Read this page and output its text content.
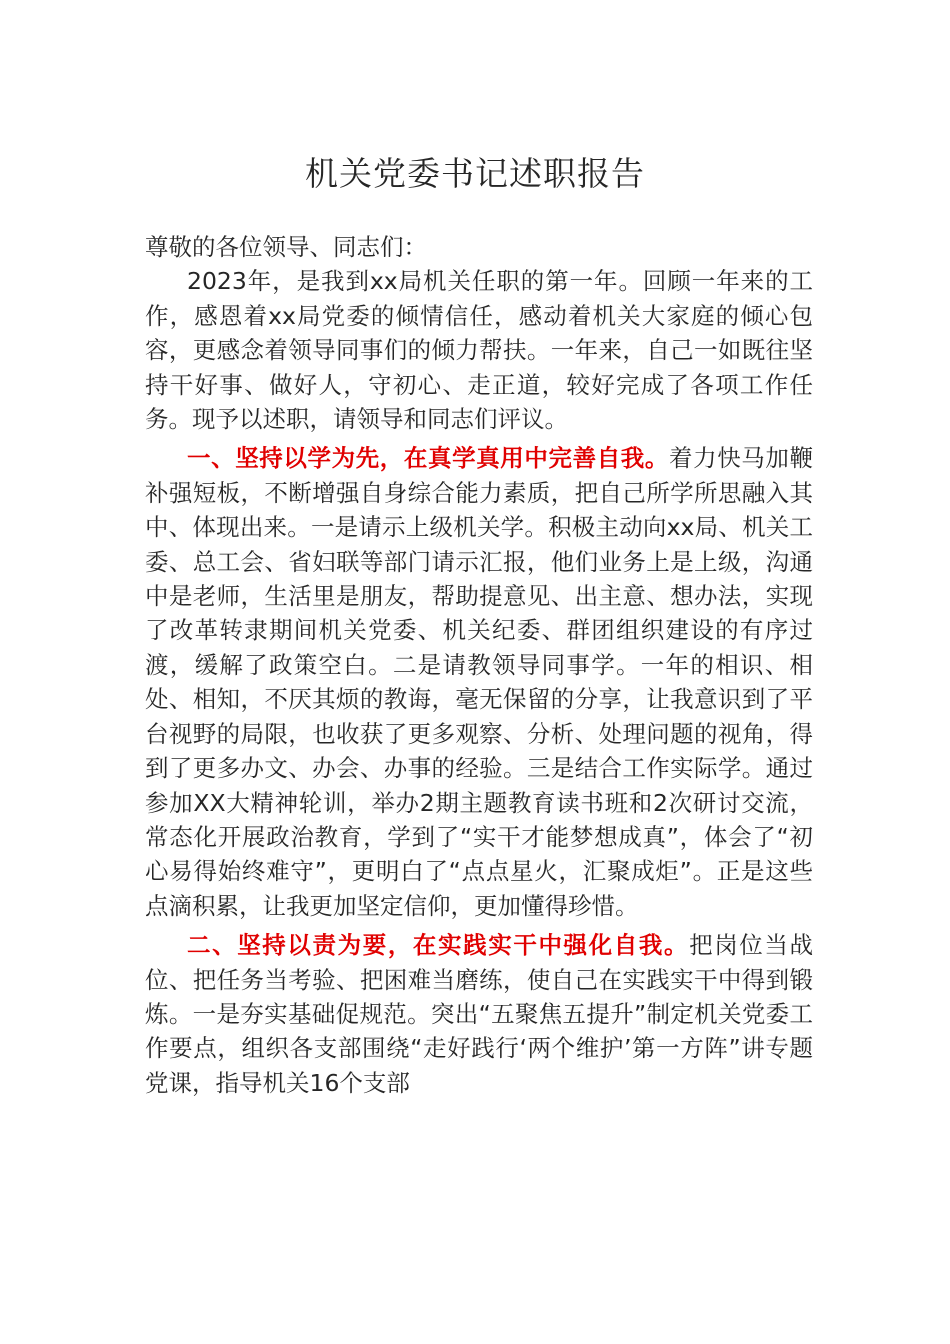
机关党委书记述职报告

尊敬的各位领导、同志们：

2023年，是我到xx局机关任职的第一年。回顾一年来的工作，感恩着xx局党委的倾情信任，感动着机关大家庭的倾心包容，更感念着领导同事们的倾力帮扶。一年来，自己一如既往坚持干好事、做好人，守初心、走正道，较好完成了各项工作任务。现予以述职，请领导和同志们评议。

一、坚持以学为先，在真学真用中完善自我。着力快马加鞭补强短板，不断增强自身综合能力素质，把自己所学所思融入其中、体现出来。一是请示上级机关学。积极主动向xx局、机关工委、总工会、省妇联等部门请示汇报，他们业务上是上级，沟通中是老师，生活里是朋友，帮助提意见、出主意、想办法，实现了改革转隶期间机关党委、机关纪委、群团组织建设的有序过渡，缓解了政策空白。二是请教领导同事学。一年的相识、相处、相知，不厌其烦的教诲，毫无保留的分享，让我意识到了平台视野的局限，也收获了更多观察、分析、处理问题的视角，得到了更多办文、办会、办事的经验。三是结合工作实际学。通过参加XX大精神轮训，举办2期主题教育读书班和2次研讨交流，常态化开展政治教育，学到了“实干才能梦想成真”，体会了“初心易得始终难守”，更明白了“点点星火，汇聚成炬”。正是这些点滴积累，让我更加坚定信仰，更加懂得珍惜。

二、坚持以责为要，在实践实干中强化自我。把岗位当战位、把任务当考验、把困难当磨练，使自己在实践实干中得到锻炼。一是夯实基础促规范。突出“五聚焦五提升”制定机关党委工作要点，组织各支部围绕“走好践行‘两个维护’第一方阵”讲专题党课，指导机关16个支部
